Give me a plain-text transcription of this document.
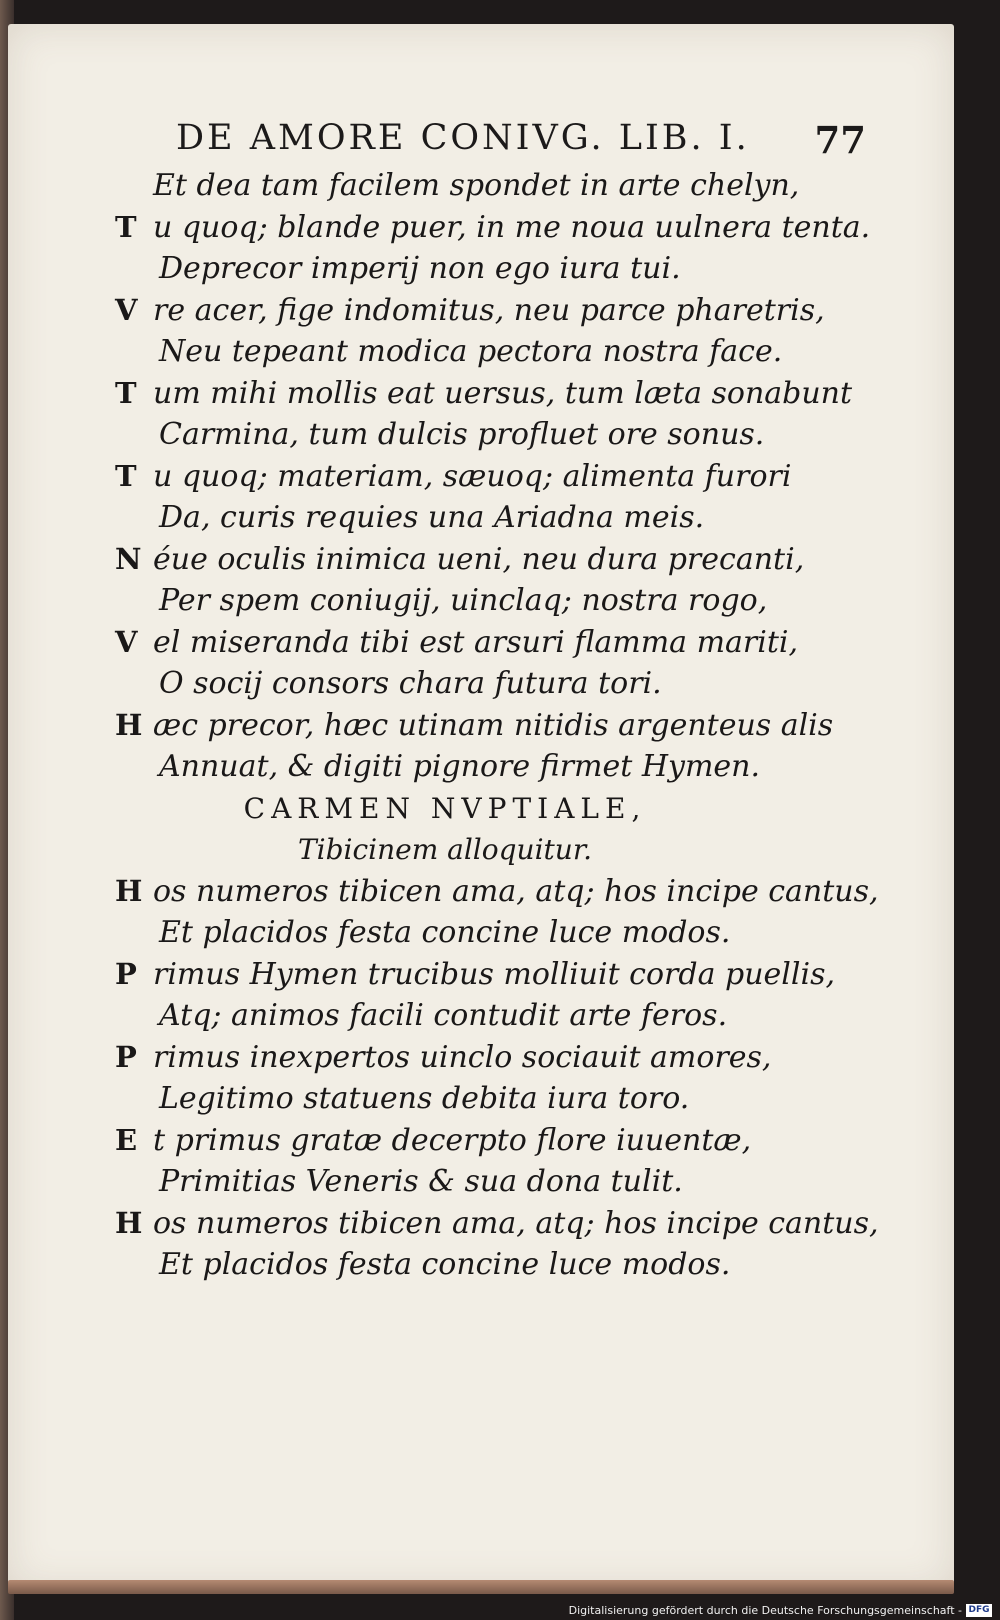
DE AMORE CONIVG. LIB. I. 77
Et dea tam facilem spondet in arte chelyn,
T u quoq; blande puer, in me noua uulnera tenta.
Deprecor imperij non ego iura tui.
V re acer, fige indomitus, neu parce pharetris,
Neu tepeant modica pectora nostra face.
T um mihi mollis eat uersus, tum læta sonabunt
Carmina, tum dulcis profluet ore sonus.
T u quoq; materiam, sæuoq; alimenta furori
Da, curis requies una Ariadna meis.
N éue oculis inimica ueni, neu dura precanti,
Per spem coniugij, uinclaq; nostra rogo,
V el miseranda tibi est arsuri flamma mariti,
O socij consors chara futura tori.
H æc precor, hæc utinam nitidis argenteus alis
Annuat, & digiti pignore firmet Hymen.
CARMEN NVPTIALE,
Tibicinem alloquitur.
H os numeros tibicen ama, atq; hos incipe cantus,
Et placidos festa concine luce modos.
P rimus Hymen trucibus molliuit corda puellis,
Atq; animos facili contudit arte feros.
P rimus inexpertos uinclo sociauit amores,
Legitimo statuens debita iura toro.
E t primus gratæ decerpto flore iuuentæ,
Primitias Veneris & sua dona tulit.
H os numeros tibicen ama, atq; hos incipe cantus,
Et placidos festa concine luce modos.
Digitalisierung gefördert durch die Deutsche Forschungsgemeinschaft - DFG
